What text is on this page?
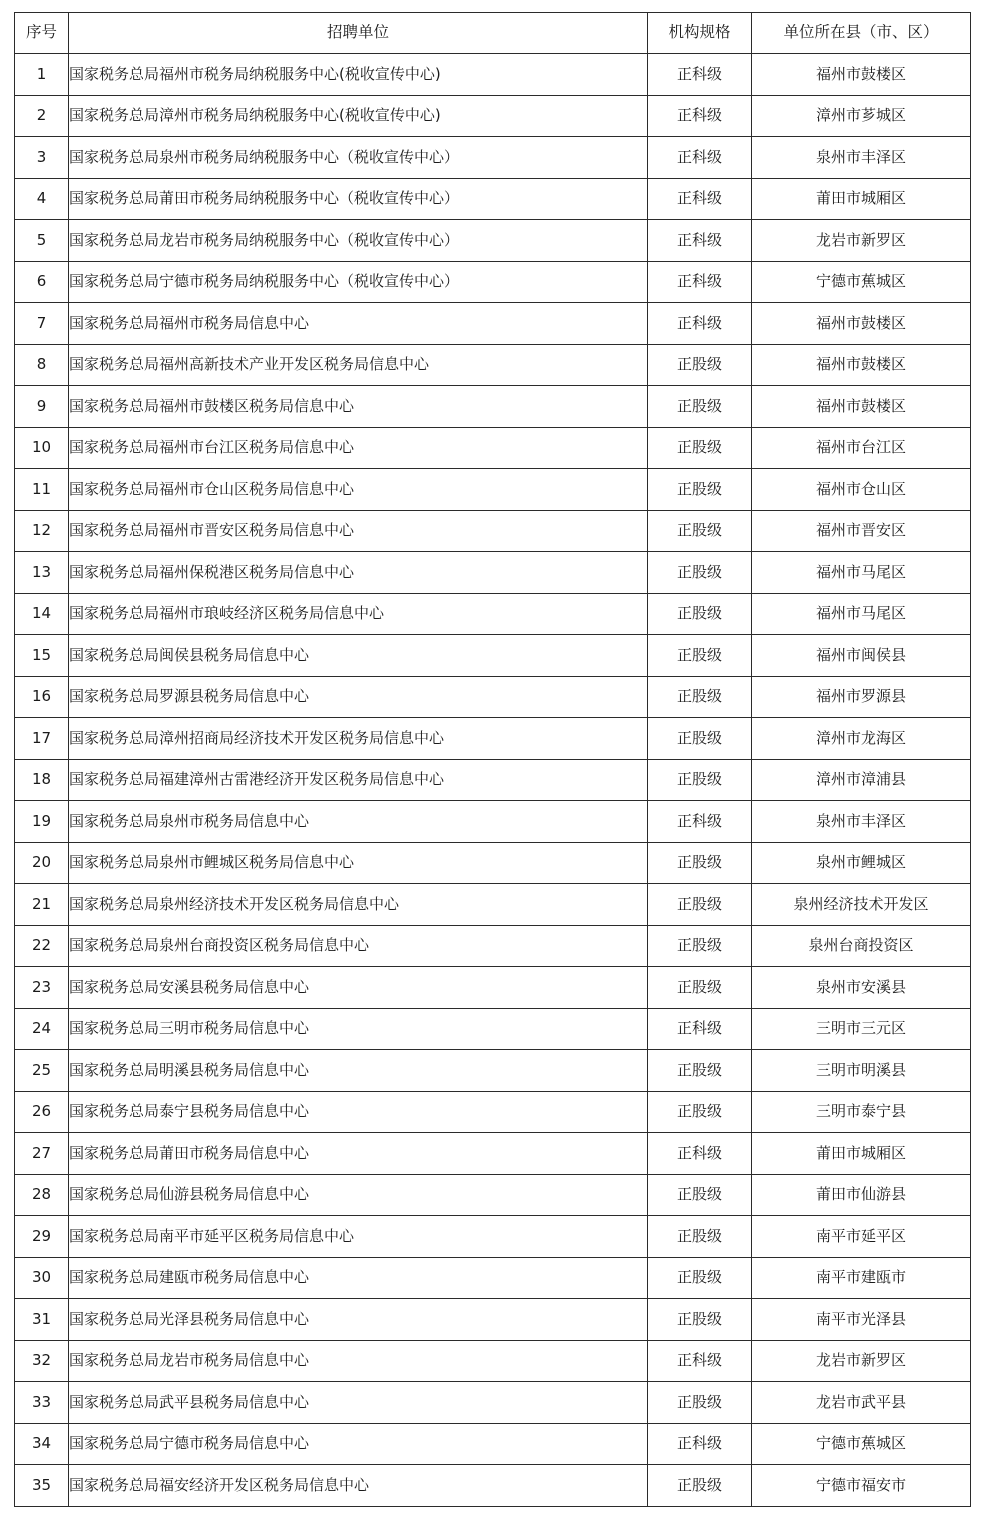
序号	招聘单位	机构规格	单位所在县（市、区）
1	国家税务总局福州市税务局纳税服务中心(税收宣传中心)	正科级	福州市鼓楼区
2	国家税务总局漳州市税务局纳税服务中心(税收宣传中心)	正科级	漳州市芗城区
3	国家税务总局泉州市税务局纳税服务中心（税收宣传中心）	正科级	泉州市丰泽区
4	国家税务总局莆田市税务局纳税服务中心（税收宣传中心）	正科级	莆田市城厢区
5	国家税务总局龙岩市税务局纳税服务中心（税收宣传中心）	正科级	龙岩市新罗区
6	国家税务总局宁德市税务局纳税服务中心（税收宣传中心）	正科级	宁德市蕉城区
7	国家税务总局福州市税务局信息中心	正科级	福州市鼓楼区
8	国家税务总局福州高新技术产业开发区税务局信息中心	正股级	福州市鼓楼区
9	国家税务总局福州市鼓楼区税务局信息中心	正股级	福州市鼓楼区
10	国家税务总局福州市台江区税务局信息中心	正股级	福州市台江区
11	国家税务总局福州市仓山区税务局信息中心	正股级	福州市仓山区
12	国家税务总局福州市晋安区税务局信息中心	正股级	福州市晋安区
13	国家税务总局福州保税港区税务局信息中心	正股级	福州市马尾区
14	国家税务总局福州市琅岐经济区税务局信息中心	正股级	福州市马尾区
15	国家税务总局闽侯县税务局信息中心	正股级	福州市闽侯县
16	国家税务总局罗源县税务局信息中心	正股级	福州市罗源县
17	国家税务总局漳州招商局经济技术开发区税务局信息中心	正股级	漳州市龙海区
18	国家税务总局福建漳州古雷港经济开发区税务局信息中心	正股级	漳州市漳浦县
19	国家税务总局泉州市税务局信息中心	正科级	泉州市丰泽区
20	国家税务总局泉州市鲤城区税务局信息中心	正股级	泉州市鲤城区
21	国家税务总局泉州经济技术开发区税务局信息中心	正股级	泉州经济技术开发区
22	国家税务总局泉州台商投资区税务局信息中心	正股级	泉州台商投资区
23	国家税务总局安溪县税务局信息中心	正股级	泉州市安溪县
24	国家税务总局三明市税务局信息中心	正科级	三明市三元区
25	国家税务总局明溪县税务局信息中心	正股级	三明市明溪县
26	国家税务总局泰宁县税务局信息中心	正股级	三明市泰宁县
27	国家税务总局莆田市税务局信息中心	正科级	莆田市城厢区
28	国家税务总局仙游县税务局信息中心	正股级	莆田市仙游县
29	国家税务总局南平市延平区税务局信息中心	正股级	南平市延平区
30	国家税务总局建瓯市税务局信息中心	正股级	南平市建瓯市
31	国家税务总局光泽县税务局信息中心	正股级	南平市光泽县
32	国家税务总局龙岩市税务局信息中心	正科级	龙岩市新罗区
33	国家税务总局武平县税务局信息中心	正股级	龙岩市武平县
34	国家税务总局宁德市税务局信息中心	正科级	宁德市蕉城区
35	国家税务总局福安经济开发区税务局信息中心	正股级	宁德市福安市
